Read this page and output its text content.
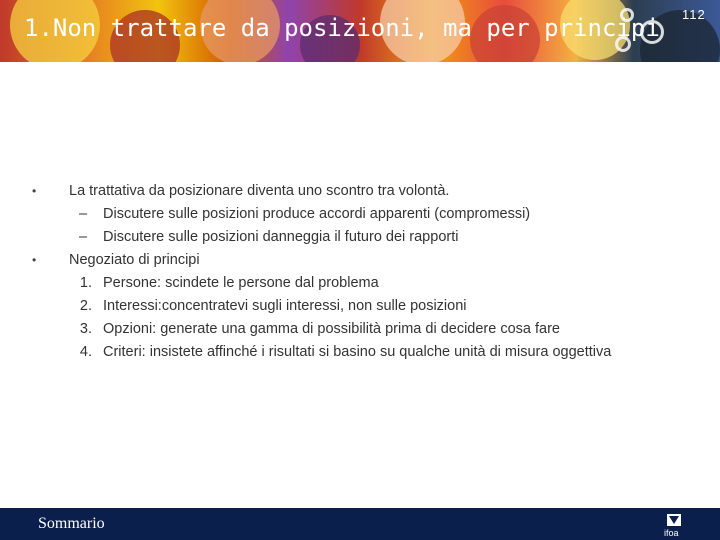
1.Non trattare da posizioni, ma per principi 112
•	La trattativa da posizionare diventa uno scontro tra volontà.
–	Discutere sulle posizioni produce accordi apparenti (compromessi)
–	Discutere sulle posizioni danneggia il futuro dei rapporti
•	Negoziato di principi
1. Persone: scindete le persone dal problema
2. Interessi:concentratevi sugli interessi, non sulle posizioni
3. Opzioni: generate una gamma di possibilità prima di decidere cosa fare
4. Criteri: insistete affinché i risultati si basino su qualche unità di misura oggettiva
Sommario
ifoa
